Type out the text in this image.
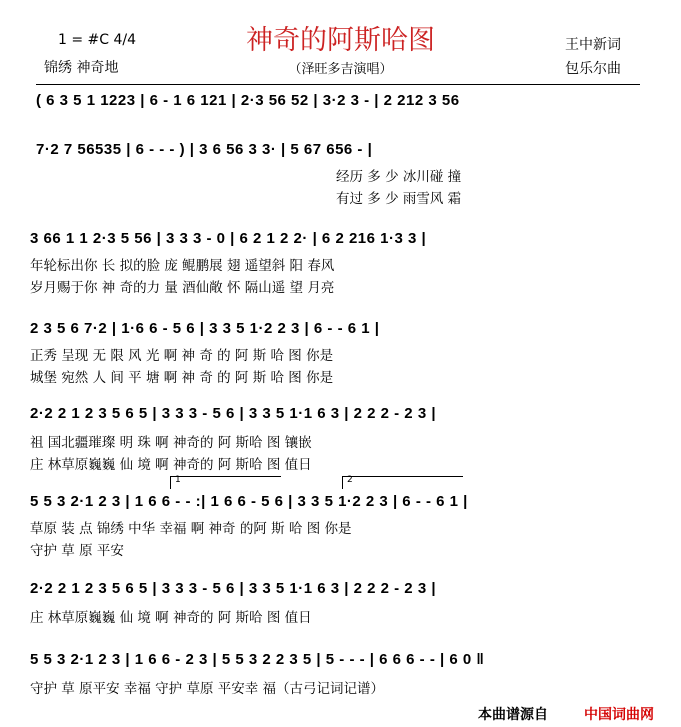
1 = #C 4/4
锦绣 神奇地
神奇的阿斯哈图
（泽旺多吉演唱）
王中新词
包乐尔曲
( 6 3 5 1 1223 | 6 - 1 6 121 | 2·3 56 52 | 3·2 3 - | 2 212 3 56
7·2 7 56535 | 6 - - - ) | 3 6 56 3 3· | 5 67 656 - |
经历 多 少 冰川碰 撞
有过 多 少 雨雪风 霜
3 66 1 1 2·3 5 56 | 3 3 3 - 0 | 6 2 1 2 2· | 6 2 216 1·3 3 |
年轮标出你 长 拟的脸 庞 鲲鹏展 翅 遥望斜 阳 春风
岁月赐于你 神 奇的力 量 酒仙敞 怀 隔山遥 望 月亮
2 3 5 6 7·2 | 1·6 6 - 5 6 | 3 3 5 1·2 2 3 | 6 - - 6 1 |
正秀 呈现 无 限 风 光 啊 神 奇 的 阿 斯 哈 图 你是
城堡 宛然 人 间 平 塘 啊 神 奇 的 阿 斯 哈 图 你是
2·2 2 1 2 3 5 6 5 | 3 3 3 - 5 6 | 3 3 5 1·1 6 3 | 2 2 2 - 2 3 |
祖 国北疆璀璨 明 珠 啊 神奇的 阿 斯哈 图 镶嵌
庄 林草原巍巍 仙 境 啊 神奇的 阿 斯哈 图 值日
1	2
5 5 3 2·1 2 3 | 1 6 6 - - :| 1 6 6 - 5 6 | 3 3 5 1·2 2 3 | 6 - - 6 1 |
草原 装 点 锦绣 中华 幸福 啊 神奇 的阿 斯 哈 图 你是
守护 草 原 平安
2·2 2 1 2 3 5 6 5 | 3 3 3 - 5 6 | 3 3 5 1·1 6 3 | 2 2 2 - 2 3 |
庄 林草原巍巍 仙 境 啊 神奇的 阿 斯哈 图 值日
5 5 3 2·1 2 3 | 1 6 6 - 2 3 | 5 5 3 2 2 3 5 | 5 - - - | 6 6 6 - - | 6 0 ‖
守护 草 原平安 幸福 守护 草原 平安幸 福（古弓记词记谱）
本曲谱源自	中国词曲网
